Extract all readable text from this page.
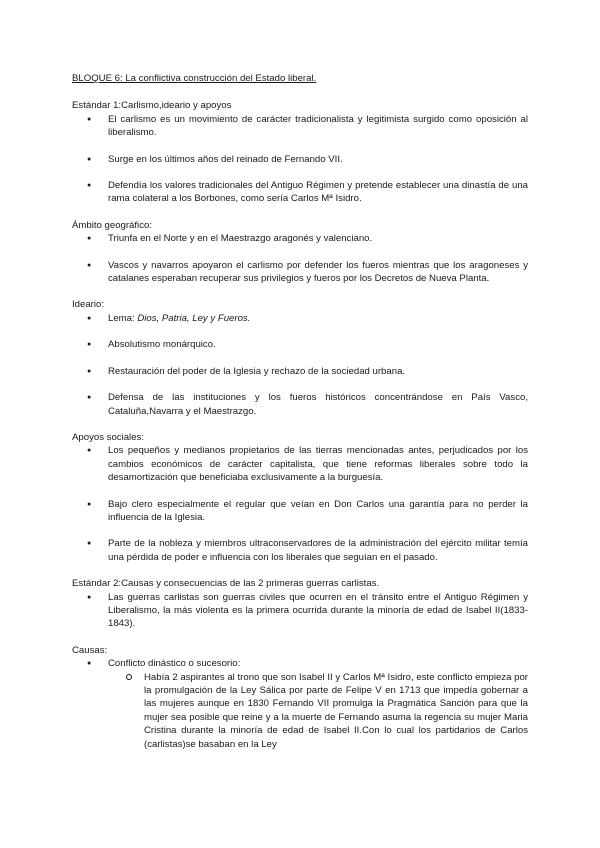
BLOQUE 6: La conflictiva construcción del Estado liberal.

Estándar 1:Carlismo,ideario y apoyos

● El carlismo es un movimiento de carácter tradicionalista y legitimista surgido como oposición al liberalismo.
● Surge en los últimos años del reinado de Fernando VII.
● Defendía los valores tradicionales del Antiguo Régimen y pretende establecer una dinastía de una rama colateral a los Borbones, como sería Carlos Mª Isidro.

Ámbito geográfico:

● Triunfa en el Norte y en el Maestrazgo aragonés y valenciano.
● Vascos y navarros apoyaron el carlismo por defender los fueros mientras que los aragoneses y catalanes esperaban recuperar sus privilegios y fueros por los Decretos de Nueva Planta.

Ideario:

● Lema: Dios, Patria, Ley y Fueros.
● Absolutismo monárquico.
● Restauración del poder de la Iglesia y rechazo de la sociedad urbana.
● Defensa de las instituciones y los fueros históricos concentrándose en País Vasco, Cataluña,Navarra y el Maestrazgo.

Apoyos sociales:

● Los pequeños y medianos propietarios de las tierras mencionadas antes, perjudicados por los cambios económicos de carácter capitalista, que tiene reformas liberales sobre todo la desamortización que beneficiaba exclusivamente a la burguesía.
● Bajo clero especialmente el regular que veían en Don Carlos una garantía para no perder la influencia de la Iglesia.
● Parte de la nobleza y miembros ultraconservadores de la administración del ejército militar temía una pérdida de poder e influencia con los liberales que seguían en el pasado.

Estándar 2:Causas y consecuencias de las 2 primeras guerras carlistas.

● Las guerras carlistas son guerras civiles que ocurren en el tránsito entre el Antiguo Régimen y Liberalismo, la más violenta es la primera ocurrida durante la minoría de edad de Isabel II(1833-1843).

Causas:

● Conflicto dinástico o sucesorio:
Había 2 aspirantes al trono que son Isabel II y Carlos Mª Isidro, este conflicto empieza por la promulgación de la Ley Sálica por parte de Felipe V en 1713 que impedía gobernar a las mujeres aunque en 1830 Fernando VII promulga la Pragmática Sanción para que la mujer sea posible que reine y a la muerte de Fernando asuma la regencia su mujer Maria Cristina durante la minoría de edad de Isabel II.Con lo cual los partidarios de Carlos (carlistas)se basaban en la Ley
